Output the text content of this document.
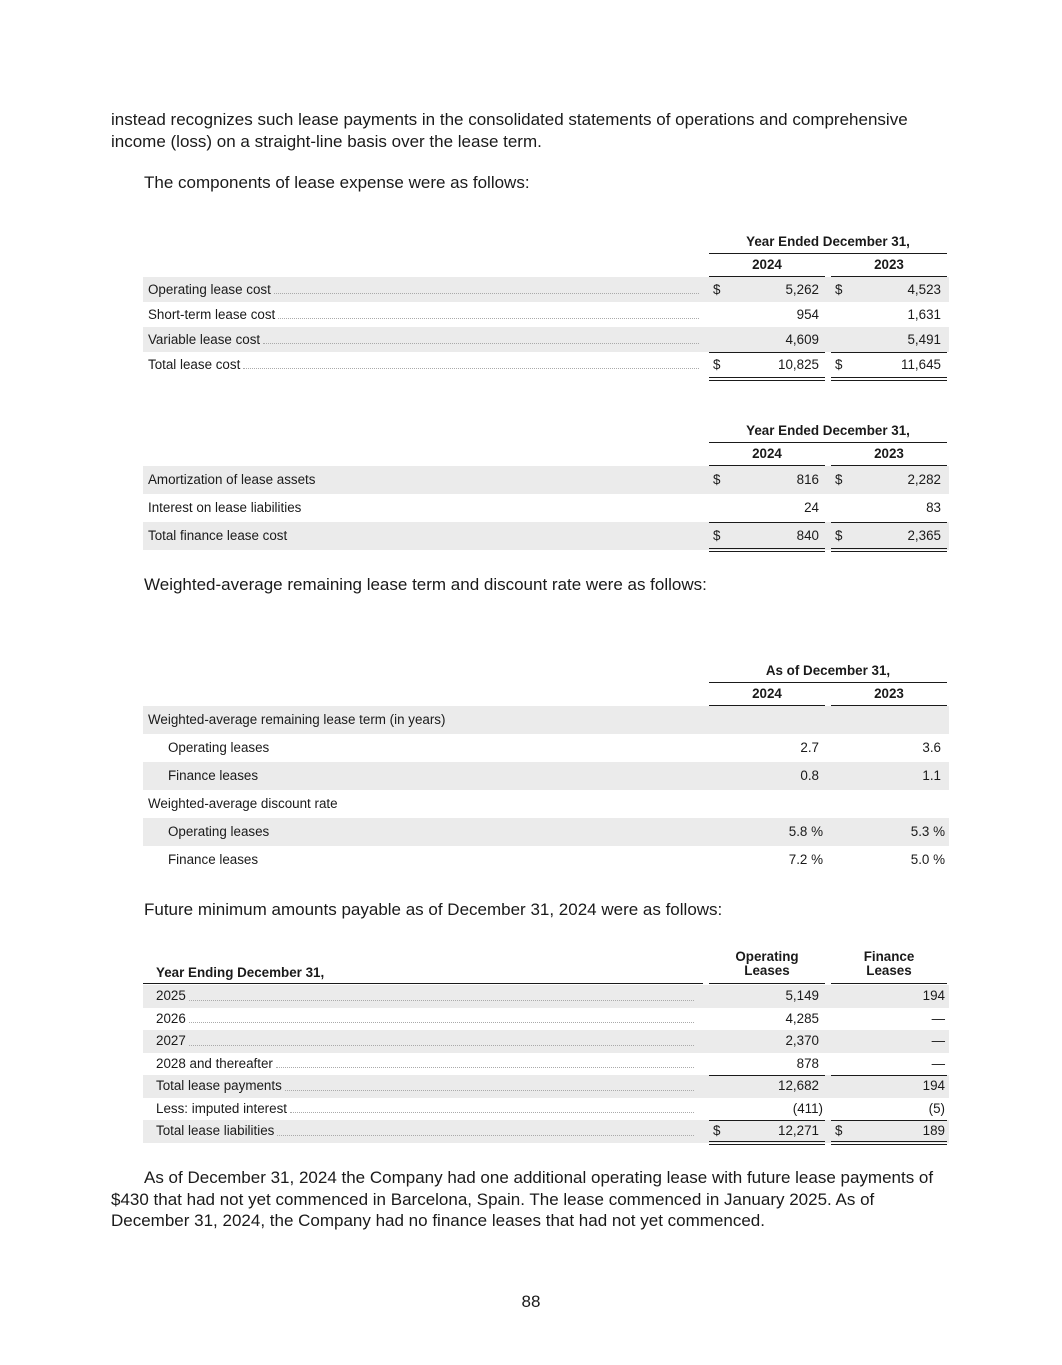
instead recognizes such lease payments in the consolidated statements of operations and comprehensive income (loss) on a straight-line basis over the lease term.

The components of lease expense were as follows:

Year Ended December 31,
2024	2023
Operating lease cost	$	5,262 $	4,523
Short-term lease cost	954	1,631
Variable lease cost	4,609	5,491
Total lease cost	$	10,825 $	11,645
Year Ended December 31,
2024	2023
Amortization of lease assets	$	816 $	2,282
Interest on lease liabilities	24	83
Total finance lease cost	$	840 $	2,365

Weighted-average remaining lease term and discount rate were as follows:

As of December 31,
2024	2023
Weighted-average remaining lease term (in years)
Operating leases	2.7	3.6
Finance leases	0.8	1.1
Weighted-average discount rate
Operating leases	5.8 %	5.3 %
Finance leases	7.2 %	5.0 %

Future minimum amounts payable as of December 31, 2024 were as follows:

Year Ending December 31,
Operating
Leases
Finance
Leases
2025	5,149	194
2026	4,285	—
2027	2,370	—
2028 and thereafter	878	—
Total lease payments	12,682	194
Less: imputed interest	(411)	(5)
Total lease liabilities	$	12,271 $	189

As of December 31, 2024 the Company had one additional operating lease with future lease payments of $430 that had not yet commenced in Barcelona, Spain. The lease commenced in January 2025. As of December 31, 2024, the Company had no finance leases that had not yet commenced.

88
